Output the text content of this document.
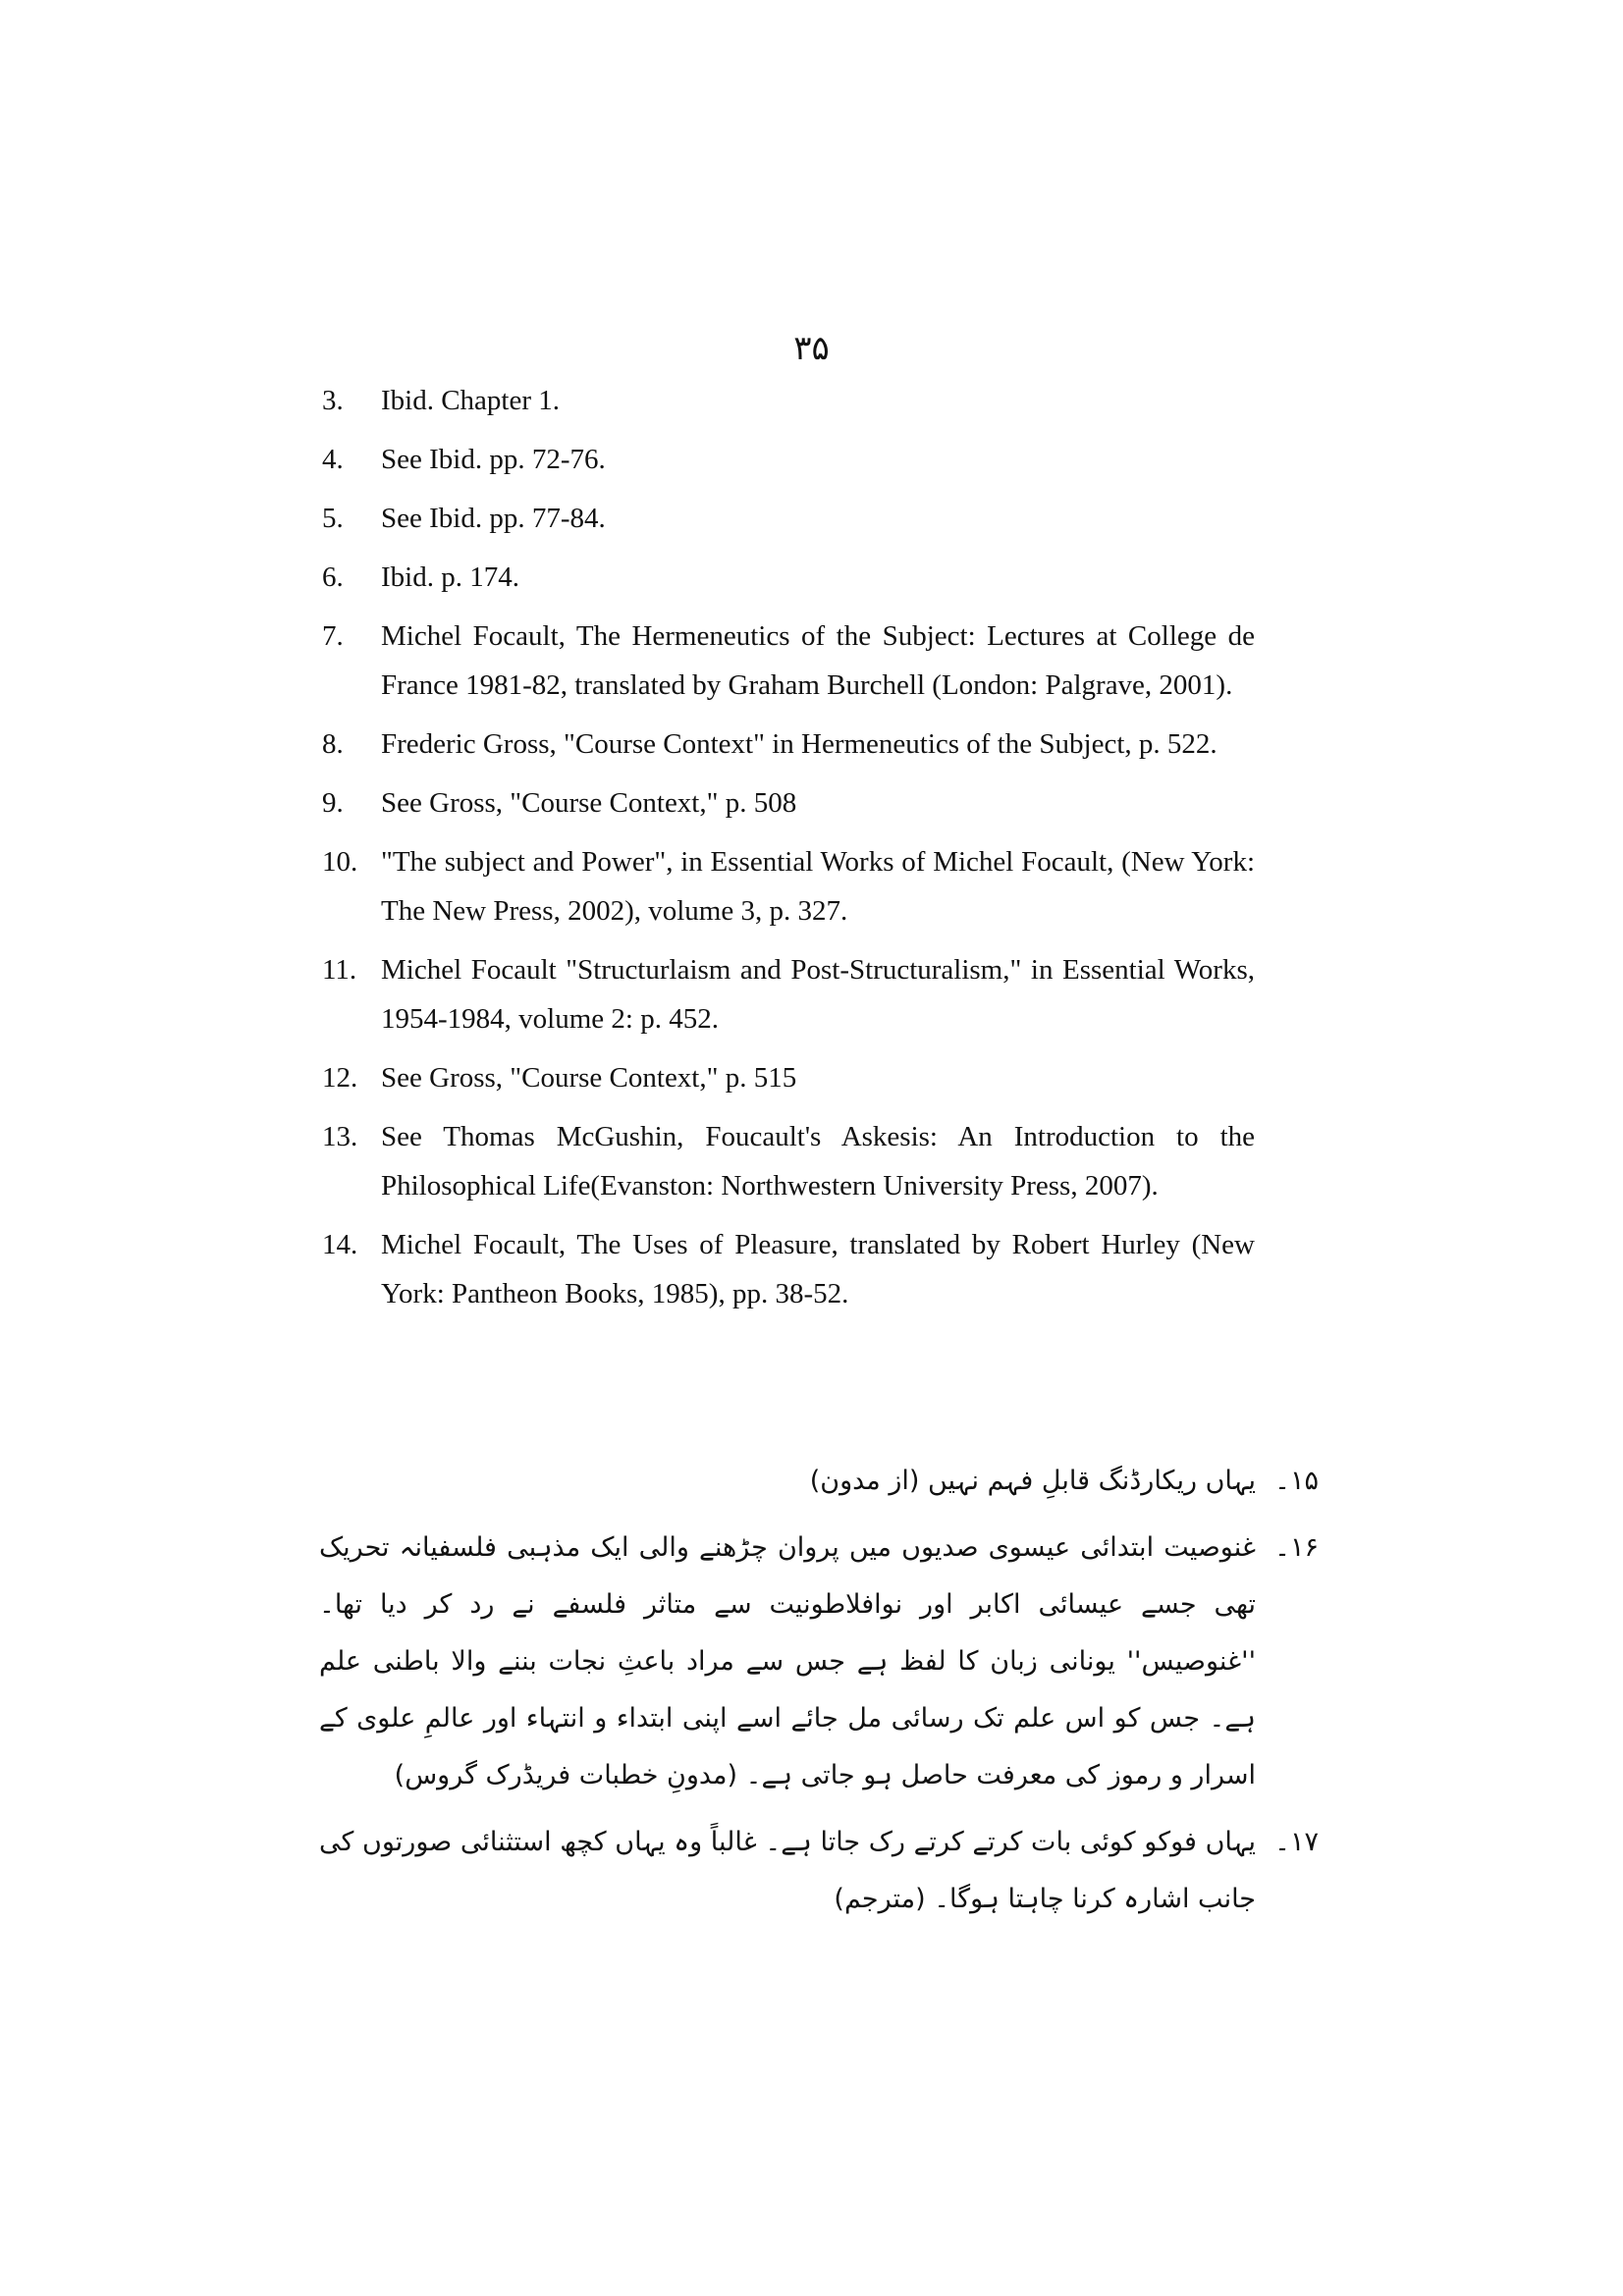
۳۵
3.	Ibid. Chapter 1.
4.	See Ibid. pp. 72-76.
5.	See Ibid. pp. 77-84.
6.	Ibid. p. 174.
7.	Michel Focault, The Hermeneutics of the Subject: Lectures at College de France 1981-82, translated by Graham Burchell (London: Palgrave, 2001).
8.	Frederic Gross, "Course Context" in Hermeneutics of the Subject, p. 522.
9.	See Gross, "Course Context," p. 508
10. "The subject and Power", in Essential Works of Michel Focault, (New York: The New Press, 2002), volume 3, p. 327.
11. Michel Focault "Structurlaism and Post-Structuralism," in Essential Works, 1954-1984, volume 2: p. 452.
12. See Gross, "Course Context," p. 515
13. See Thomas McGushin, Foucault's Askesis: An Introduction to the Philosophical Life(Evanston: Northwestern University Press, 2007).
14. Michel Focault, The Uses of Pleasure, translated by Robert Hurley (New York: Pantheon Books, 1985), pp. 38-52.
۱۵۔
یہاں ریکارڈنگ قابلِ فہم نہیں (از مدون)
۱۶۔
غنوصیت ابتدائی عیسوی صدیوں میں پروان چڑھنے والی ایک مذہبی فلسفیانہ تحریک تھی جسے عیسائی اکابر اور نوافلاطونیت سے متاثر فلسفے نے رد کر دیا تھا۔ ''غنوصیس'' یونانی زبان کا لفظ ہے جس سے مراد باعثِ نجات بننے والا باطنی علم ہے۔ جس کو اس علم تک رسائی مل جائے اسے اپنی ابتداء و انتہاء اور عالمِ علوی کے اسرار و رموز کی معرفت حاصل ہو جاتی ہے۔ (مدونِ خطبات فریڈرک گروس)
۱۷۔
یہاں فوکو کوئی بات کرتے کرتے رک جاتا ہے۔ غالباً وہ یہاں کچھ استثنائی صورتوں کی جانب اشارہ کرنا چاہتا ہوگا۔ (مترجم)
